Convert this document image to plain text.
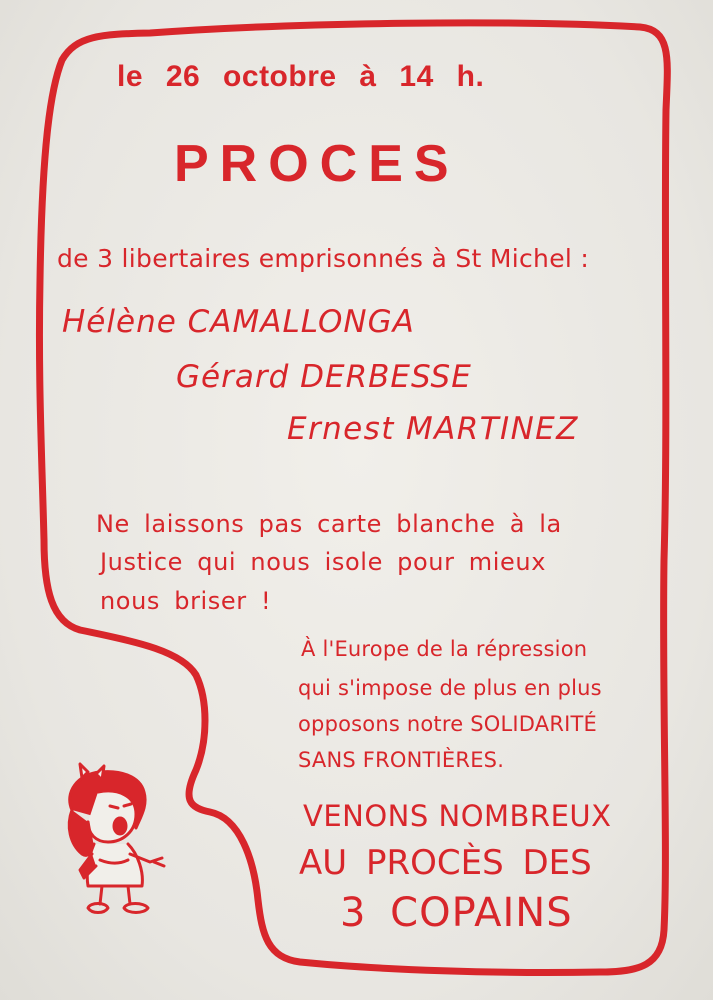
le 26 octobre à 14 h.

PROCES

de 3 libertaires emprisonnés à St Michel :

Hélène CAMALLONGA

Gérard DERBESSE

Ernest MARTINEZ

Ne laissons pas carte blanche à la

Justice qui nous isole pour mieux

nous briser !

À l'Europe de la répression

qui s'impose de plus en plus

opposons notre SOLIDARITÉ

SANS FRONTIÈRES.

VENONS NOMBREUX

AU PROCÈS DES

3 COPAINS
